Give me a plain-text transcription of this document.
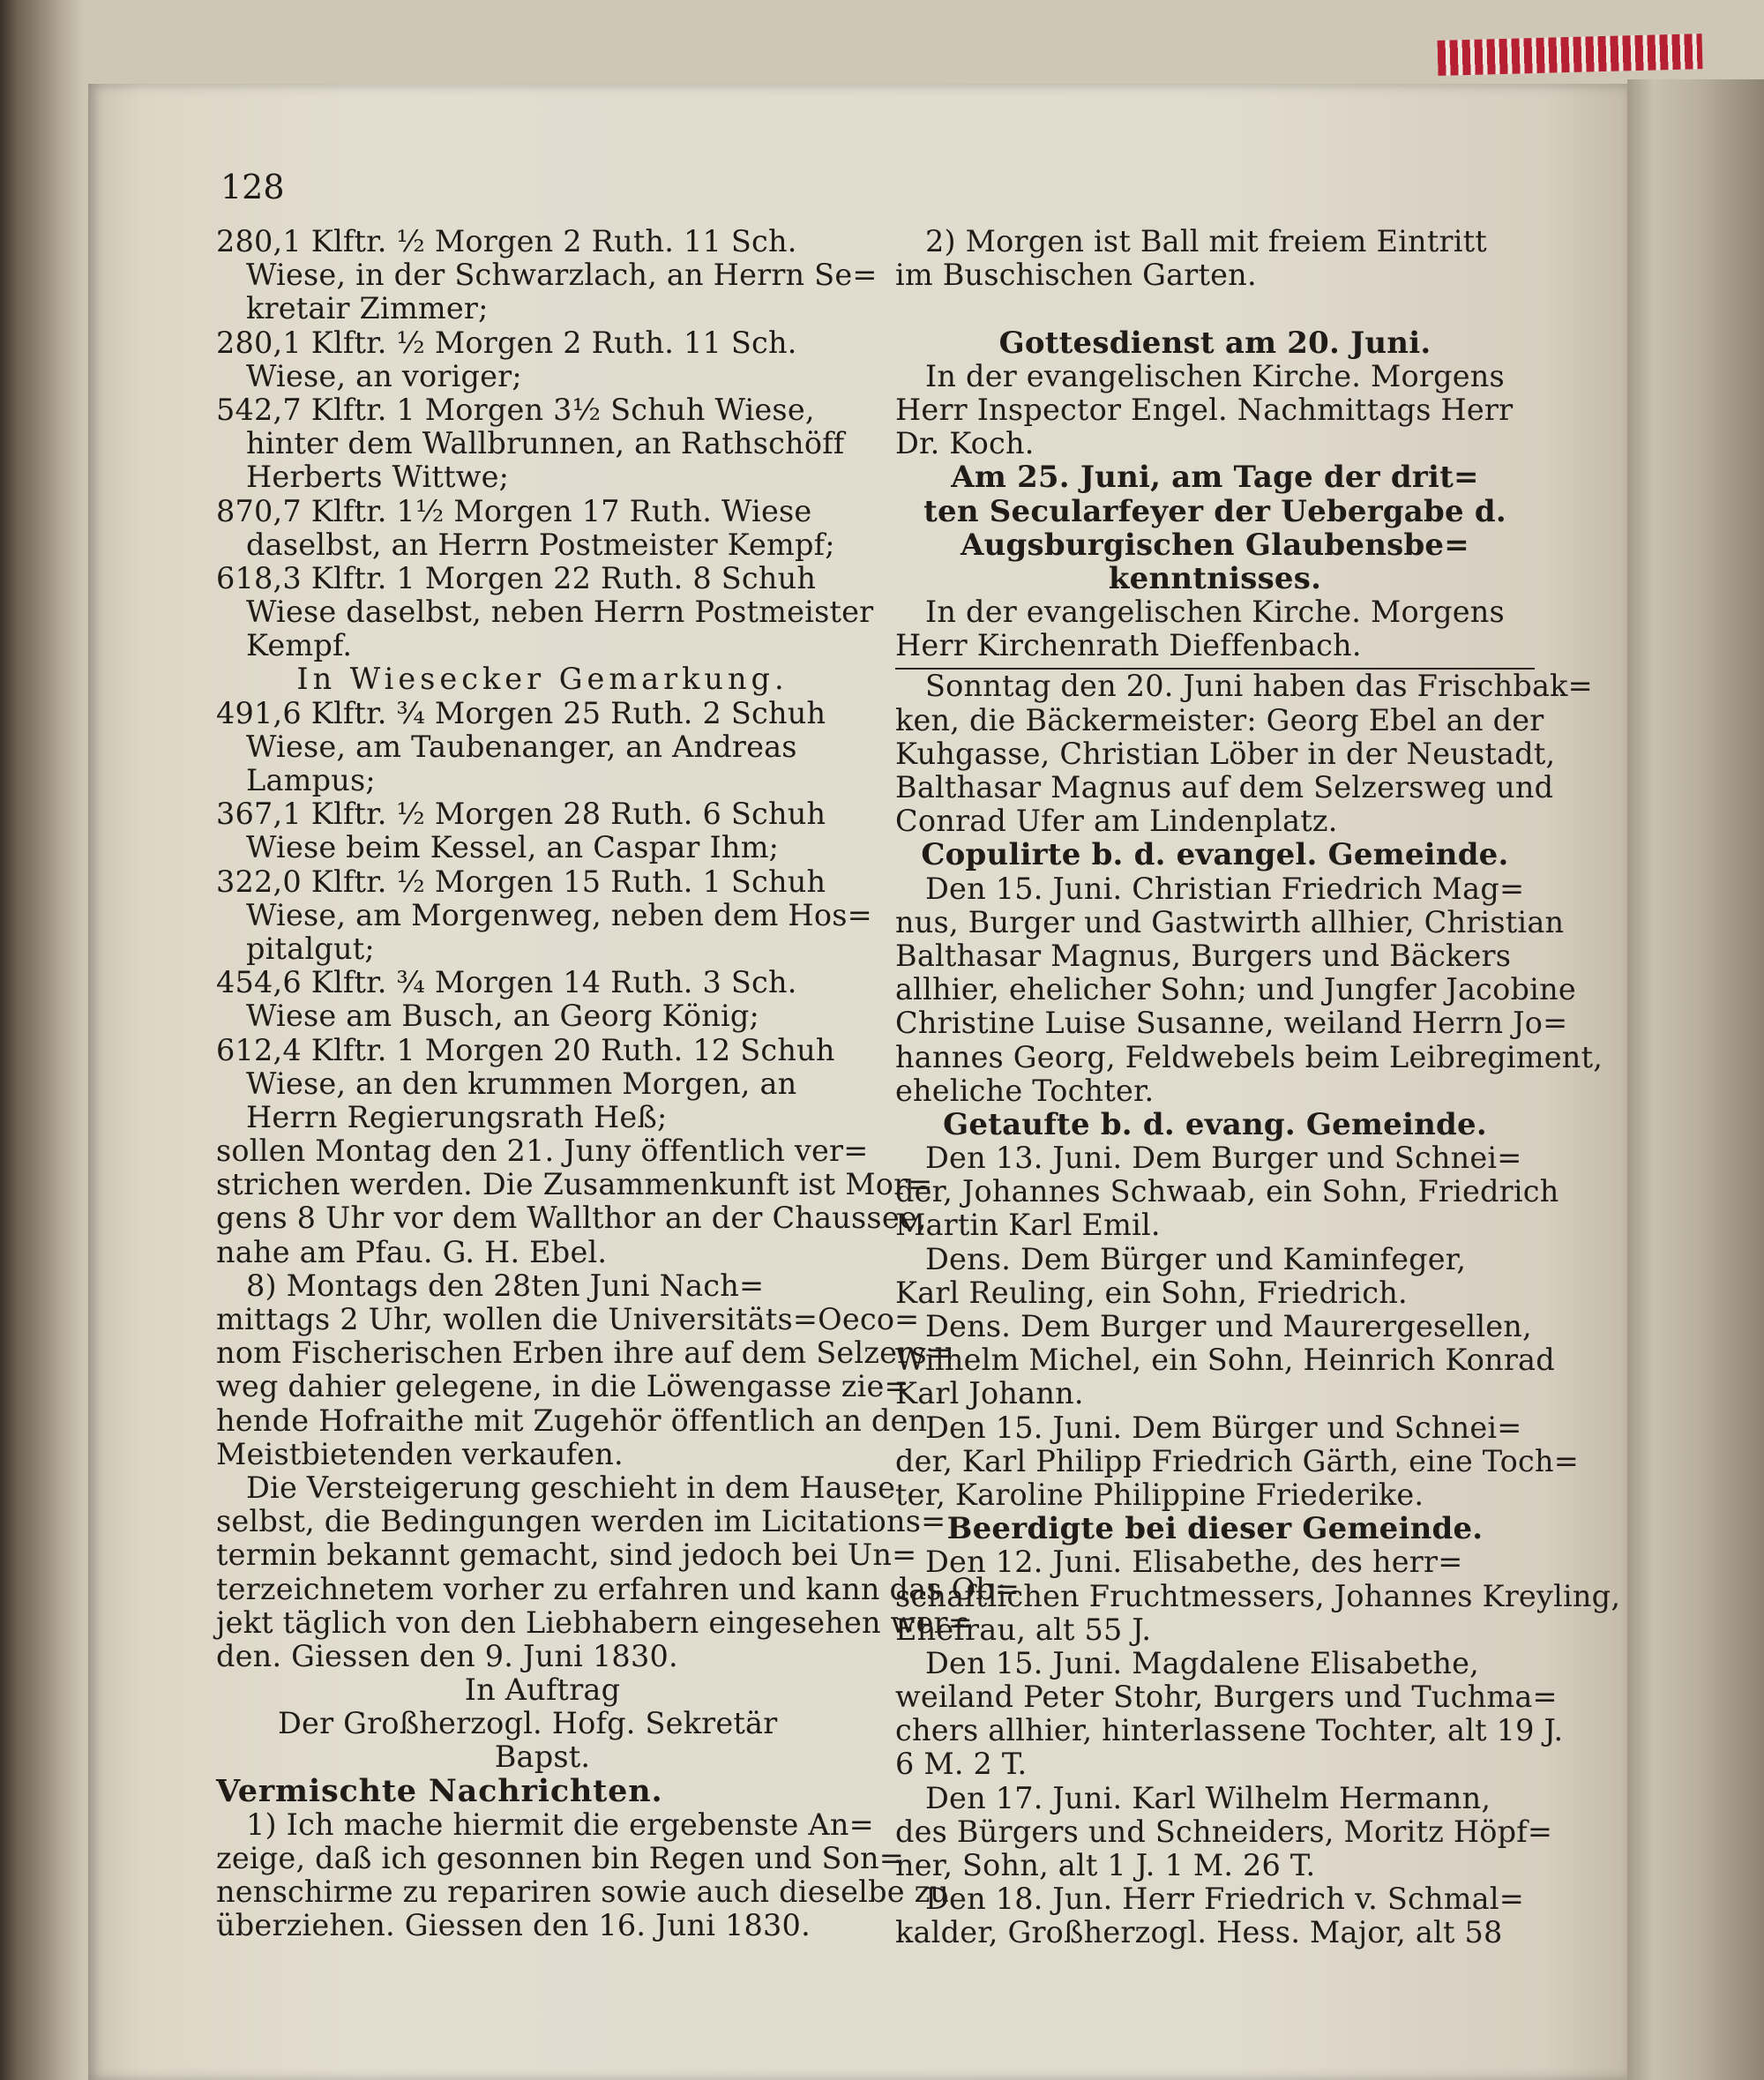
128
280,1 Klftr. ½ Morgen 2 Ruth. 11 Sch.
Wiese, in der Schwarzlach, an Herrn Se=
kretair Zimmer;
280,1 Klftr. ½ Morgen 2 Ruth. 11 Sch.
Wiese, an voriger;
542,7 Klftr. 1 Morgen 3½ Schuh Wiese,
hinter dem Wallbrunnen, an Rathschöff
Herberts Wittwe;
870,7 Klftr. 1½ Morgen 17 Ruth. Wiese
daselbst, an Herrn Postmeister Kempf;
618,3 Klftr. 1 Morgen 22 Ruth. 8 Schuh
Wiese daselbst, neben Herrn Postmeister
Kempf.
In Wiesecker Gemarkung.
491,6 Klftr. ¾ Morgen 25 Ruth. 2 Schuh
Wiese, am Taubenanger, an Andreas
Lampus;
367,1 Klftr. ½ Morgen 28 Ruth. 6 Schuh
Wiese beim Kessel, an Caspar Ihm;
322,0 Klftr. ½ Morgen 15 Ruth. 1 Schuh
Wiese, am Morgenweg, neben dem Hos=
pitalgut;
454,6 Klftr. ¾ Morgen 14 Ruth. 3 Sch.
Wiese am Busch, an Georg König;
612,4 Klftr. 1 Morgen 20 Ruth. 12 Schuh
Wiese, an den krummen Morgen, an
Herrn Regierungsrath Heß;
sollen Montag den 21. Juny öffentlich ver=
strichen werden. Die Zusammenkunft ist Mor=
gens 8 Uhr vor dem Wallthor an der Chaussee,
nahe am Pfau. G. H. Ebel.
8) Montags den 28ten Juni Nach=
mittags 2 Uhr, wollen die Universitäts=Oeco=
nom Fischerischen Erben ihre auf dem Selzers=
weg dahier gelegene, in die Löwengasse zie=
hende Hofraithe mit Zugehör öffentlich an den
Meistbietenden verkaufen.
Die Versteigerung geschieht in dem Hause
selbst, die Bedingungen werden im Licitations=
termin bekannt gemacht, sind jedoch bei Un=
terzeichnetem vorher zu erfahren und kann das Ob=
jekt täglich von den Liebhabern eingesehen wer=
den. Giessen den 9. Juni 1830.
In Auftrag
Der Großherzogl. Hofg. Sekretär
Bapst.
Vermischte Nachrichten.
1) Ich mache hiermit die ergebenste An=
zeige, daß ich gesonnen bin Regen und Son=
nenschirme zu repariren sowie auch dieselbe zu
überziehen. Giessen den 16. Juni 1830.
2) Morgen ist Ball mit freiem Eintritt
im Buschischen Garten.
Gottesdienst am 20. Juni.
In der evangelischen Kirche. Morgens
Herr Inspector Engel. Nachmittags Herr
Dr. Koch.
Am 25. Juni, am Tage der drit=
ten Secularfeyer der Uebergabe d.
Augsburgischen Glaubensbe=
kenntnisses.
In der evangelischen Kirche. Morgens
Herr Kirchenrath Dieffenbach.
Sonntag den 20. Juni haben das Frischbak=
ken, die Bäckermeister: Georg Ebel an der
Kuhgasse, Christian Löber in der Neustadt,
Balthasar Magnus auf dem Selzersweg und
Conrad Ufer am Lindenplatz.
Copulirte b. d. evangel. Gemeinde.
Den 15. Juni. Christian Friedrich Mag=
nus, Burger und Gastwirth allhier, Christian
Balthasar Magnus, Burgers und Bäckers
allhier, ehelicher Sohn; und Jungfer Jacobine
Christine Luise Susanne, weiland Herrn Jo=
hannes Georg, Feldwebels beim Leibregiment,
eheliche Tochter.
Getaufte b. d. evang. Gemeinde.
Den 13. Juni. Dem Burger und Schnei=
der, Johannes Schwaab, ein Sohn, Friedrich
Martin Karl Emil.
Dens. Dem Bürger und Kaminfeger,
Karl Reuling, ein Sohn, Friedrich.
Dens. Dem Burger und Maurergesellen,
Wilhelm Michel, ein Sohn, Heinrich Konrad
Karl Johann.
Den 15. Juni. Dem Bürger und Schnei=
der, Karl Philipp Friedrich Gärth, eine Toch=
ter, Karoline Philippine Friederike.
Beerdigte bei dieser Gemeinde.
Den 12. Juni. Elisabethe, des herr=
schaftlichen Fruchtmessers, Johannes Kreyling,
Ehefrau, alt 55 J.
Den 15. Juni. Magdalene Elisabethe,
weiland Peter Stohr, Burgers und Tuchma=
chers allhier, hinterlassene Tochter, alt 19 J.
6 M. 2 T.
Den 17. Juni. Karl Wilhelm Hermann,
des Bürgers und Schneiders, Moritz Höpf=
ner, Sohn, alt 1 J. 1 M. 26 T.
Den 18. Jun. Herr Friedrich v. Schmal=
kalder, Großherzogl. Hess. Major, alt 58
